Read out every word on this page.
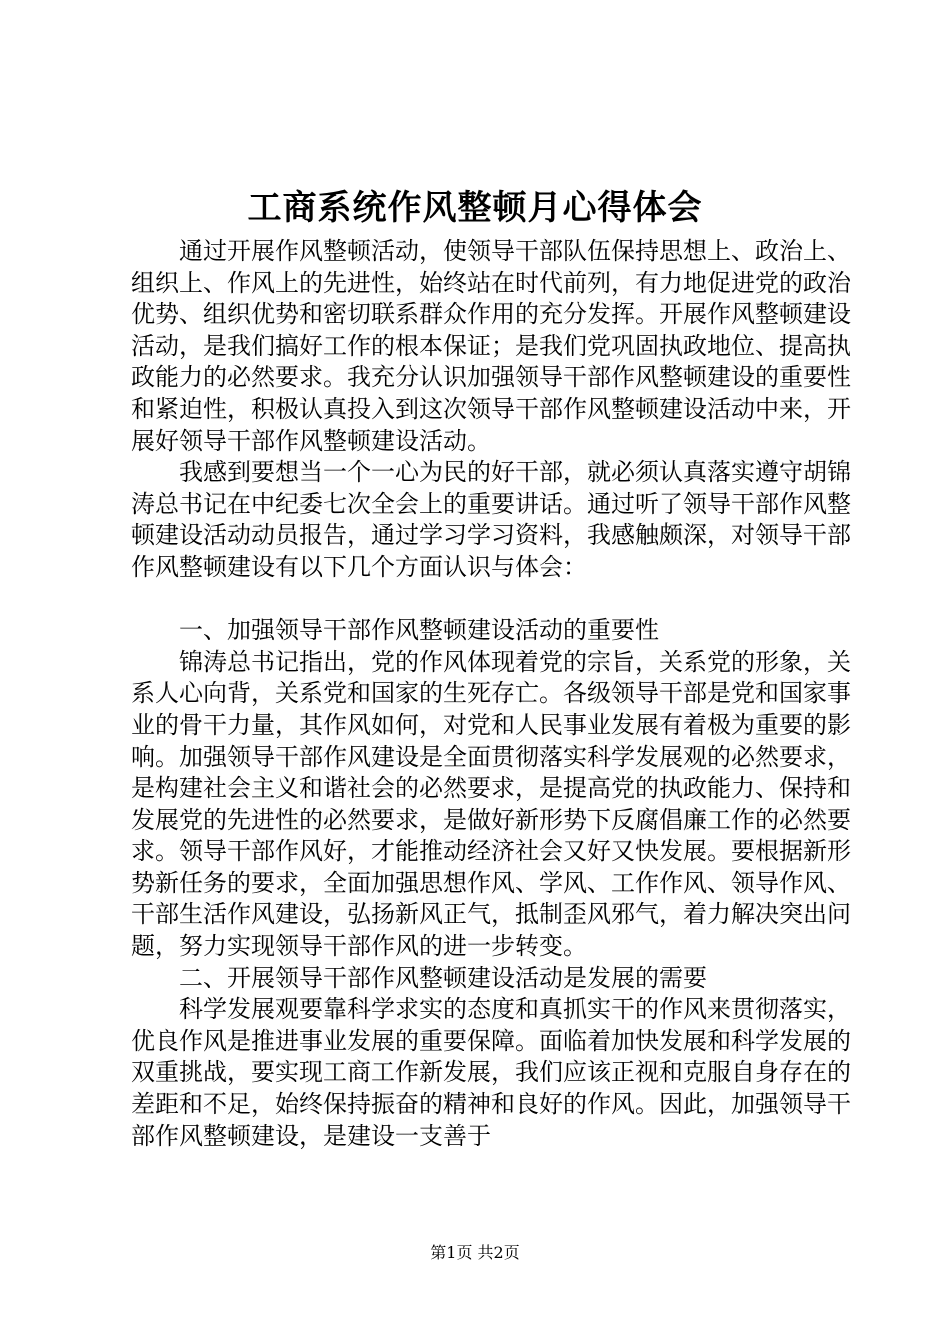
工商系统作风整顿月心得体会

通过开展作风整顿活动，使领导干部队伍保持思想上、政治上、组织上、作风上的先进性，始终站在时代前列，有力地促进党的政治优势、组织优势和密切联系群众作用的充分发挥。开展作风整顿建设活动，是我们搞好工作的根本保证；是我们党巩固执政地位、提高执政能力的必然要求。我充分认识加强领导干部作风整顿建设的重要性和紧迫性，积极认真投入到这次领导干部作风整顿建设活动中来，开展好领导干部作风整顿建设活动。

我感到要想当一个一心为民的好干部，就必须认真落实遵守胡锦涛总书记在中纪委七次全会上的重要讲话。通过听了领导干部作风整顿建设活动动员报告，通过学习学习资料，我感触颇深，对领导干部作风整顿建设有以下几个方面认识与体会：

一、加强领导干部作风整顿建设活动的重要性

锦涛总书记指出，党的作风体现着党的宗旨，关系党的形象，关系人心向背，关系党和国家的生死存亡。各级领导干部是党和国家事业的骨干力量，其作风如何，对党和人民事业发展有着极为重要的影响。加强领导干部作风建设是全面贯彻落实科学发展观的必然要求，是构建社会主义和谐社会的必然要求，是提高党的执政能力、保持和发展党的先进性的必然要求，是做好新形势下反腐倡廉工作的必然要求。领导干部作风好，才能推动经济社会又好又快发展。要根据新形势新任务的要求，全面加强思想作风、学风、工作作风、领导作风、干部生活作风建设，弘扬新风正气，抵制歪风邪气，着力解决突出问题，努力实现领导干部作风的进一步转变。

二、开展领导干部作风整顿建设活动是发展的需要

科学发展观要靠科学求实的态度和真抓实干的作风来贯彻落实，优良作风是推进事业发展的重要保障。面临着加快发展和科学发展的双重挑战，要实现工商工作新发展，我们应该正视和克服自身存在的差距和不足，始终保持振奋的精神和良好的作风。因此，加强领导干部作风整顿建设，是建设一支善于

第1页 共2页
